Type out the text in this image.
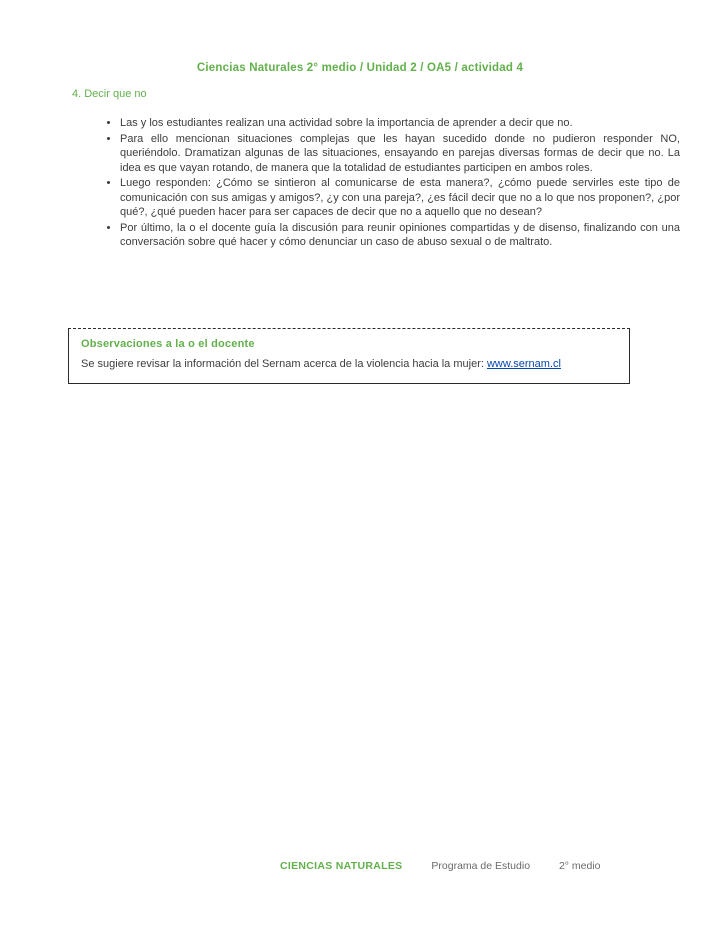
Ciencias Naturales 2° medio / Unidad 2 / OA5 / actividad 4
4. Decir que no
• Las y los estudiantes realizan una actividad sobre la importancia de aprender a decir que no.
• Para ello mencionan situaciones complejas que les hayan sucedido donde no pudieron responder NO, queriéndolo. Dramatizan algunas de las situaciones, ensayando en parejas diversas formas de decir que no. La idea es que vayan rotando, de manera que la totalidad de estudiantes participen en ambos roles.
• Luego responden: ¿Cómo se sintieron al comunicarse de esta manera?, ¿cómo puede servirles este tipo de comunicación con sus amigas y amigos?, ¿y con una pareja?, ¿es fácil decir que no a lo que nos proponen?, ¿por qué?, ¿qué pueden hacer para ser capaces de decir que no a aquello que no desean?
• Por último, la o el docente guía la discusión para reunir opiniones compartidas y de disenso, finalizando con una conversación sobre qué hacer y cómo denunciar un caso de abuso sexual o de maltrato.
Observaciones a la o el docente
Se sugiere revisar la información del Sernam acerca de la violencia hacia la mujer: www.sernam.cl
CIENCIAS NATURALES	Programa de Estudio	2° medio
